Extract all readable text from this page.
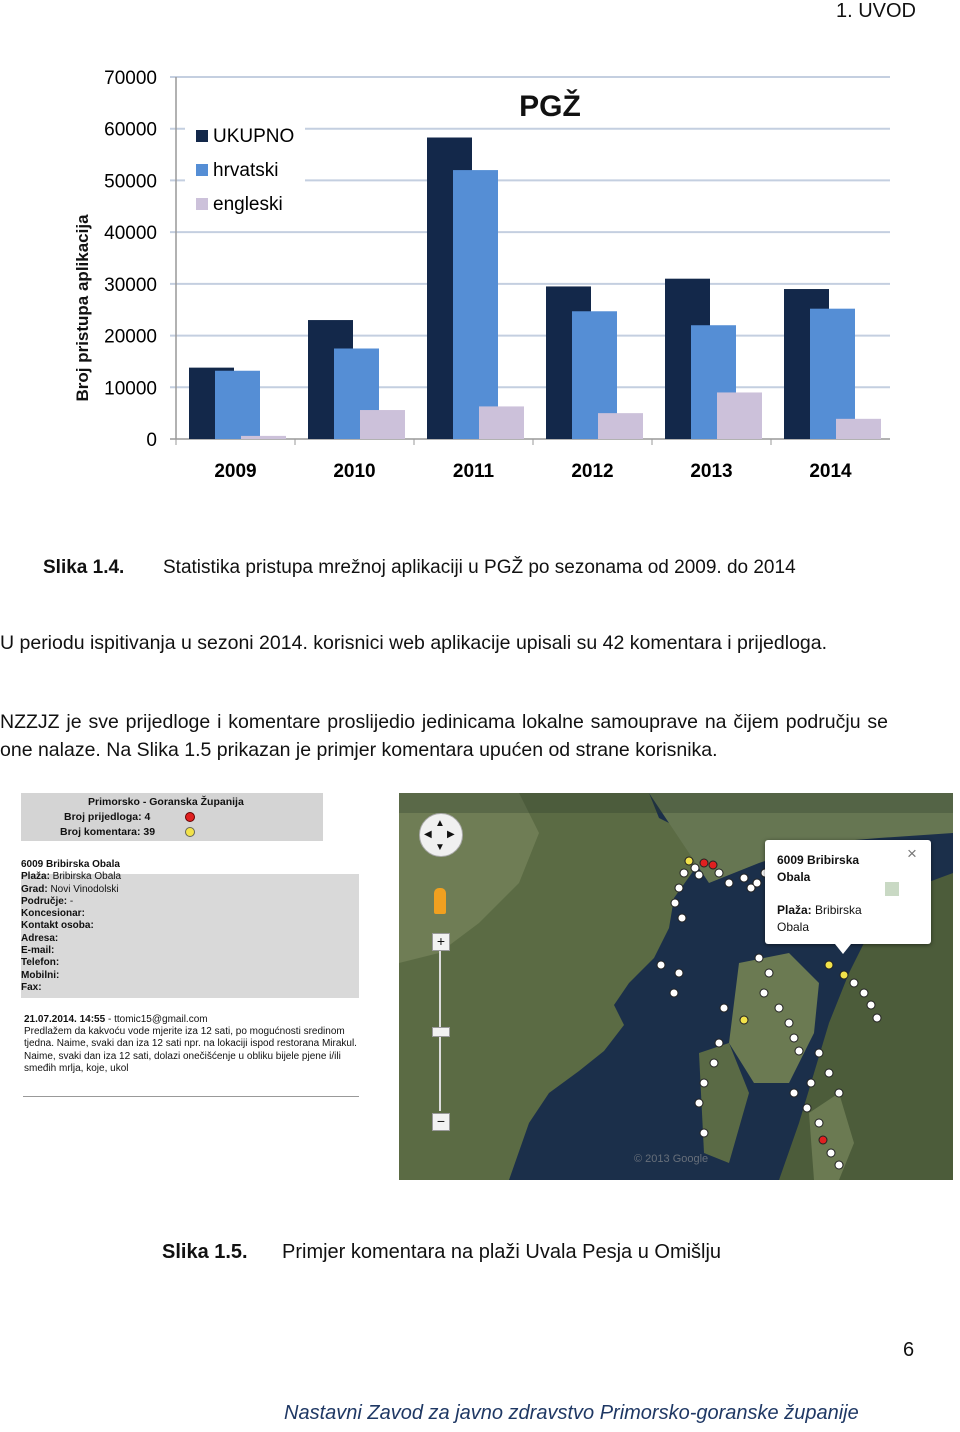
1. UVOD
0
10000
20000
30000
40000
50000
60000
70000
2009	2010	2011	2012	2013	2014
PGŽ
Broj pristupa aplikacija
UKUPNO
hrvatski
engleski
Slika 1.4. Statistika pristupa mrežnoj aplikaciji u PGŽ po sezonama od 2009. do 2014
U periodu ispitivanja u sezoni 2014. korisnici web aplikacije upisali su 42 komentara i prijedloga.
NZZJZ je sve prijedloge i komentare proslijedio jedinicama lokalne samouprave na čijem području se one nalaze. Na Slika 1.5 prikazan je primjer komentara upućen od strane korisnika.
Primorsko - Goranska Županija
Broj prijedloga: 4
Broj komentara: 39
6009 Bribirska Obala
Plaža: Bribirska Obala
Grad: Novi Vinodolski
Područje: -
Koncesionar:
Kontakt osoba:
Adresa:
E-mail:
Telefon:
Mobilni:
Fax:
21.07.2014. 14:55 - ttomic15@gmail.com
Predlažem da kakvoću vode mjerite iza 12 sati, po mogućnosti sredinom tjedna. Naime, svaki dan iza 12 sati npr. na lokaciji ispod restorana Mirakul. Naime, svaki dan iza 12 sati, dolazi onečišćenje u obliku bijele pjene i/ili smeđih mrlja, koje, ukol
▲
▼
◀ ▶
+
−
© 2013 Google
6009 Bribirska Obala
Plaža: Bribirska Obala
×
Slika 1.5. Primjer komentara na plaži Uvala Pesja u Omišlju
6
Nastavni Zavod za javno zdravstvo Primorsko-goranske županije
